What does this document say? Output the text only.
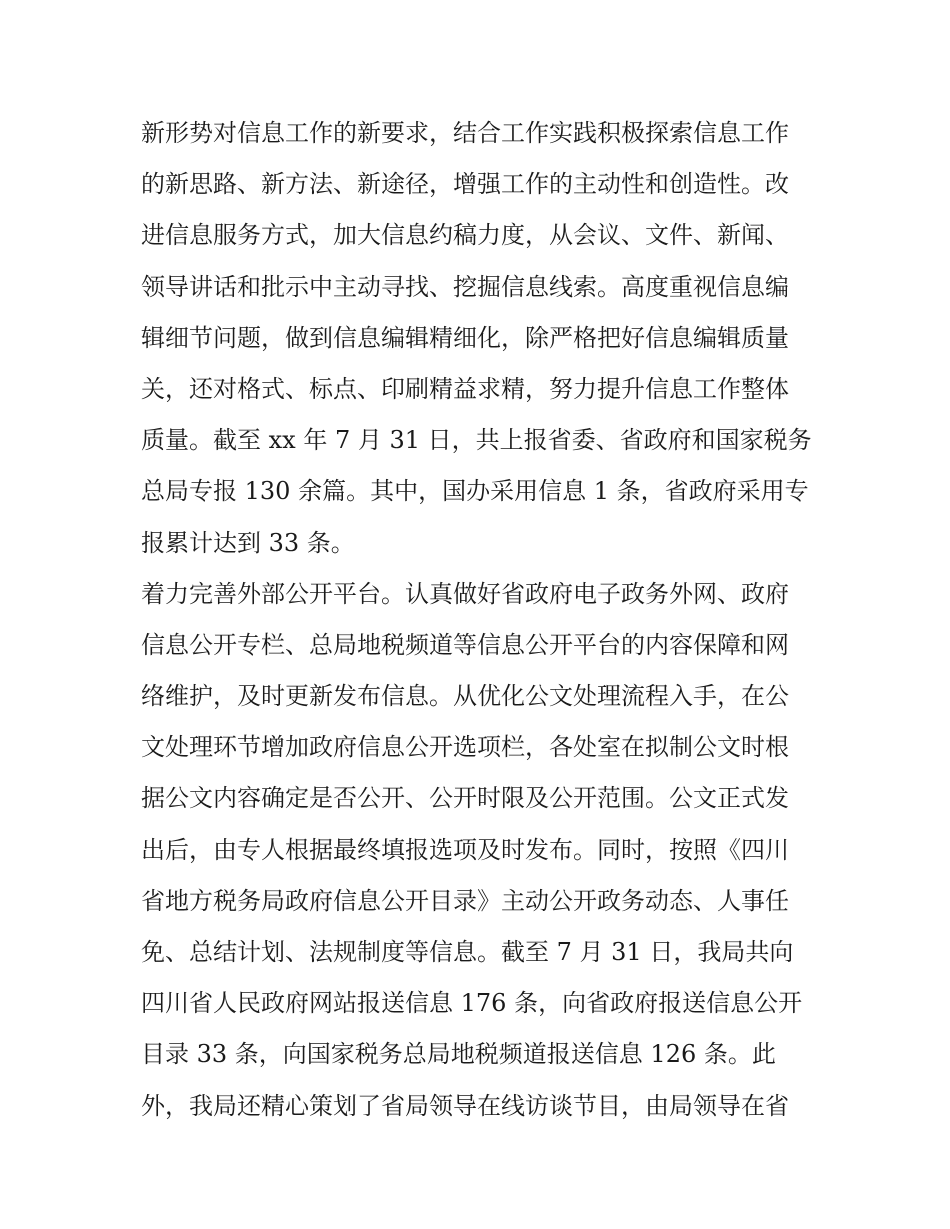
新形势对信息工作的新要求，结合工作实践积极探索信息工作
的新思路、新方法、新途径，增强工作的主动性和创造性。改
进信息服务方式，加大信息约稿力度，从会议、文件、新闻、
领导讲话和批示中主动寻找、挖掘信息线索。高度重视信息编
辑细节问题，做到信息编辑精细化，除严格把好信息编辑质量
关，还对格式、标点、印刷精益求精，努力提升信息工作整体
质量。截至 xx 年 7 月 31 日，共上报省委、省政府和国家税务
总局专报 130 余篇。其中，国办采用信息 1 条，省政府采用专
报累计达到 33 条。
着力完善外部公开平台。认真做好省政府电子政务外网、政府
信息公开专栏、总局地税频道等信息公开平台的内容保障和网
络维护，及时更新发布信息。从优化公文处理流程入手，在公
文处理环节增加政府信息公开选项栏，各处室在拟制公文时根
据公文内容确定是否公开、公开时限及公开范围。公文正式发
出后，由专人根据最终填报选项及时发布。同时，按照《四川
省地方税务局政府信息公开目录》主动公开政务动态、人事任
免、总结计划、法规制度等信息。截至 7 月 31 日，我局共向
四川省人民政府网站报送信息 176 条，向省政府报送信息公开
目录 33 条，向国家税务总局地税频道报送信息 126 条。此
外，我局还精心策划了省局领导在线访谈节目，由局领导在省
